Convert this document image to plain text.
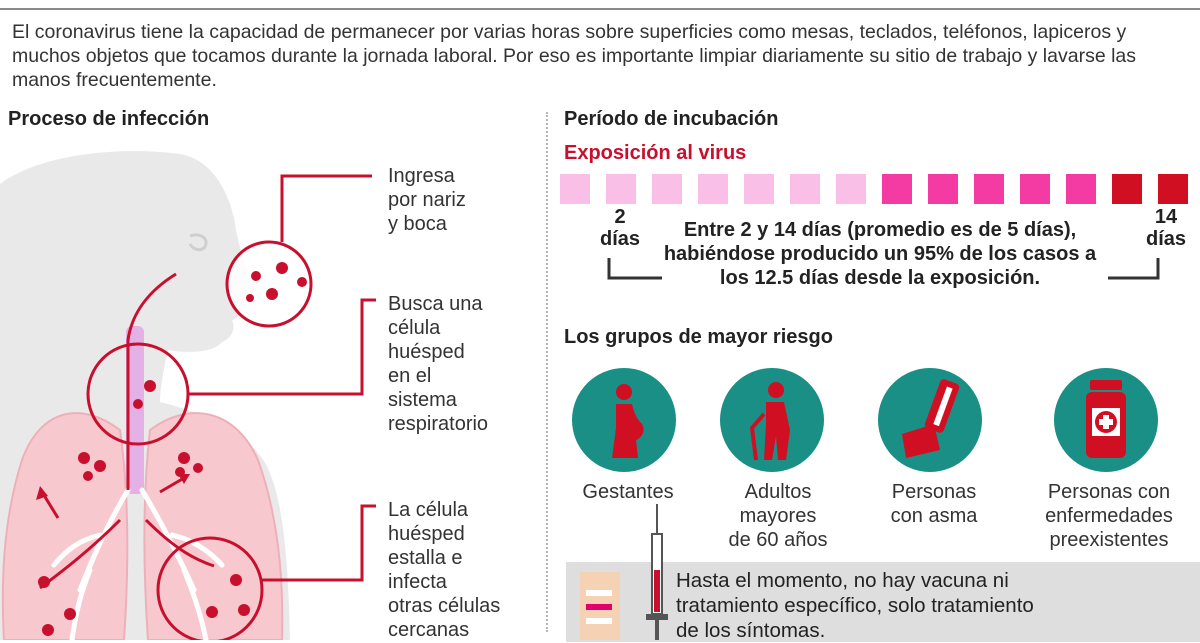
El coronavirus tiene la capacidad de permanecer por varias horas sobre superficies como mesas, teclados, teléfonos, lapiceros y muchos objetos que tocamos durante la jornada laboral. Por eso es importante limpiar diariamente su sitio de trabajo y lavarse las manos frecuentemente.
Proceso de infección
Ingresa
por nariz
y boca
Busca una
célula
huésped
en el
sistema
respiratorio
La célula
huésped
estalla e
infecta
otras células
cercanas
Período de incubación
Exposición al virus
2
días
14
días
Entre 2 y 14 días (promedio es de 5 días), habiéndose producido un 95% de los casos a los 12.5 días desde la exposición.
Los grupos de mayor riesgo
Gestantes	Adultos
mayores
de 60 años
Personas
con asma
Personas con
enfermedades
preexistentes
Hasta el momento, no hay vacuna ni
tratamiento específico, solo tratamiento
de los síntomas.
